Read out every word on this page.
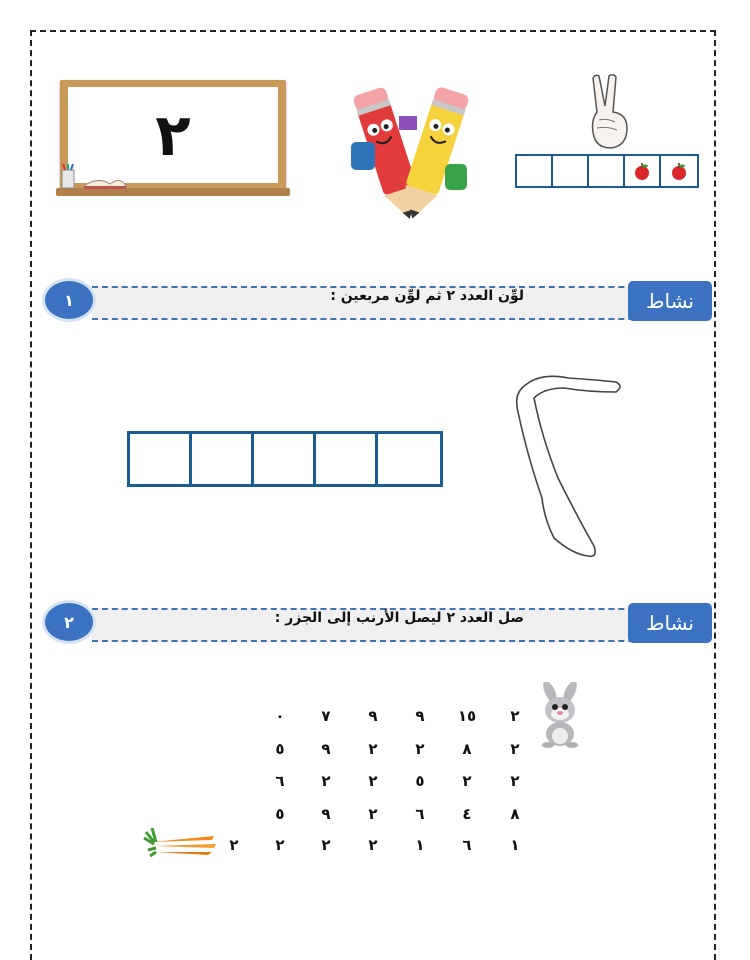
٢
لوِّن العدد ٢ ثم لوِّن مربعين :
١	نشاط
صل العدد ٢ ليصل الأرنب إلى الجزر :
٢	نشاط
٢
١٥
٩
٩
٧
٠
٢
٨
٢
٢
٩
٥
٢
٢
٥
٢
٢
٦
٨
٤
٦
٢
٩
٥
١
٦
١
٢
٢
٢
٢
